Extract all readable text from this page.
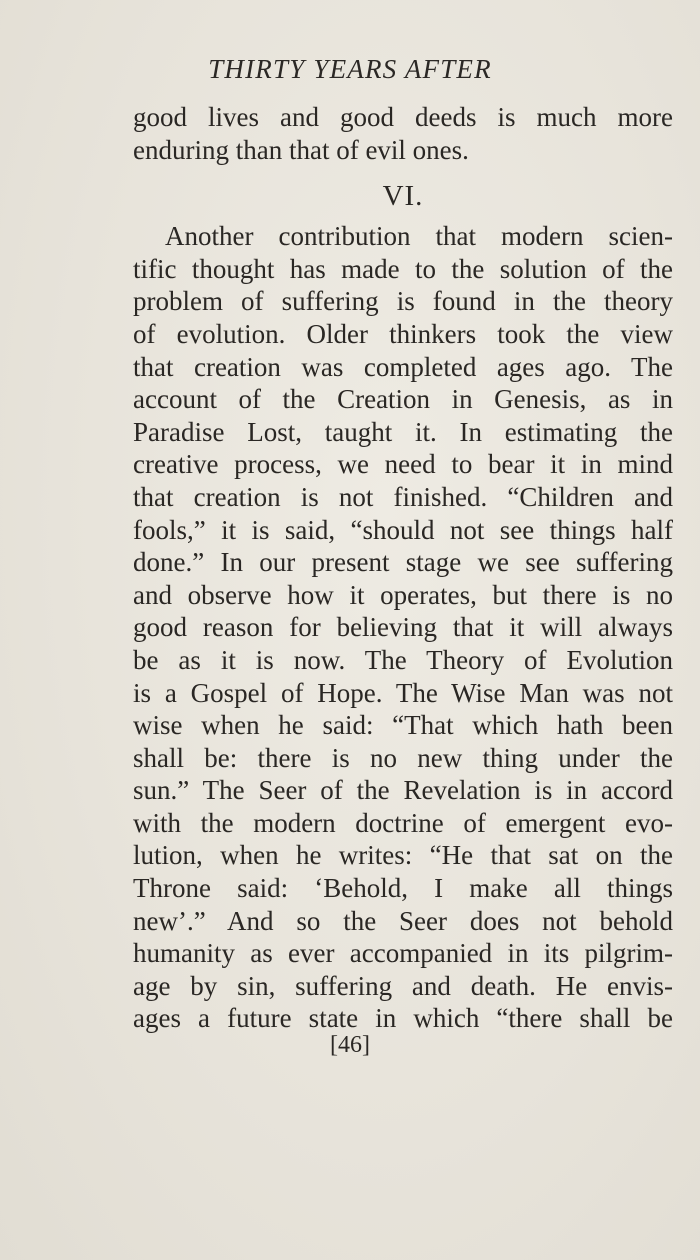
THIRTY YEARS AFTER
good lives and good deeds is much more
enduring than that of evil ones.
VI.
Another contribution that modern scien-
tific thought has made to the solution of the
problem of suffering is found in the theory
of evolution. Older thinkers took the view
that creation was completed ages ago. The
account of the Creation in Genesis, as in
Paradise Lost, taught it. In estimating the
creative process, we need to bear it in mind
that creation is not finished. “Children and
fools,” it is said, “should not see things half
done.” In our present stage we see suffering
and observe how it operates, but there is no
good reason for believing that it will always
be as it is now. The Theory of Evolution
is a Gospel of Hope. The Wise Man was not
wise when he said: “That which hath been
shall be: there is no new thing under the
sun.” The Seer of the Revelation is in accord
with the modern doctrine of emergent evo-
lution, when he writes: “He that sat on the
Throne said: ‘Behold, I make all things
new’.” And so the Seer does not behold
humanity as ever accompanied in its pilgrim-
age by sin, suffering and death. He envis-
ages a future state in which “there shall be
[46]
